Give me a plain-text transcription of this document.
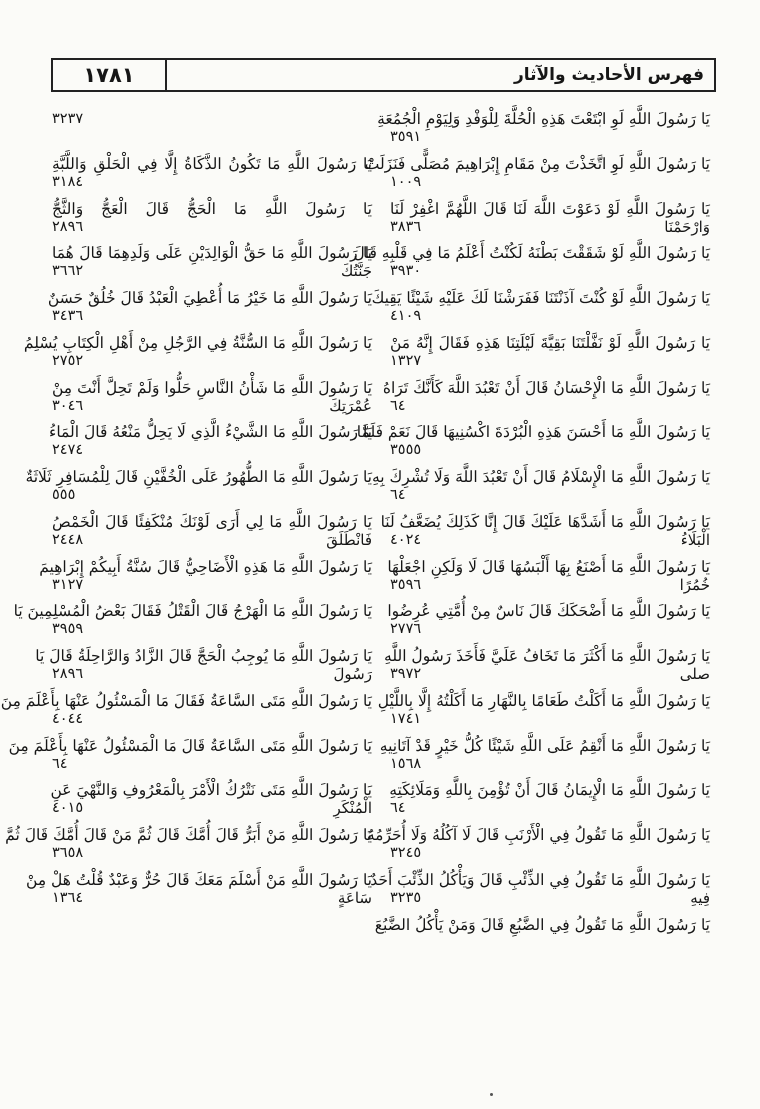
١٧٨١	فهرس الأحاديث والآثار
يَا رَسُولَ اللَّهِ لَوِ ابْتَعْتَ هَذِهِ الْحُلَّةَ لِلْوَفْدِ وَلِيَوْمِ الْجُمُعَةِ
٣٥٩١
يَا رَسُولَ اللَّهِ لَوِ اتَّخَذْتَ مِنْ مَقَامِ إِبْرَاهِيمَ مُصَلًّى فَنَزَلَتْ
١٠٠٩
يَا رَسُولَ اللَّهِ لَوْ دَعَوْتَ اللَّهَ لَنَا قَالَ اللَّهُمَّ اغْفِرْ لَنَا
وَارْحَمْنَا
٣٨٣٦
يَا رَسُولَ اللَّهِ لَوْ شَقَقْتَ بَطْنَهُ لَكُنْتُ أَعْلَمُ مَا فِي قَلْبِهِ قَالَ
٣٩٣٠
يَا رَسُولَ اللَّهِ لَوْ كُنْتَ آذَنْتَنَا فَفَرَشْنَا لَكَ عَلَيْهِ شَيْئًا يَقِيكَ
٤١٠٩
يَا رَسُولَ اللَّهِ لَوْ نَفَّلْتَنَا بَقِيَّةَ لَيْلَتِنَا هَذِهِ فَقَالَ إِنَّهُ مَنْ
١٣٢٧
يَا رَسُولَ اللَّهِ مَا الْإِحْسَانُ قَالَ أَنْ تَعْبُدَ اللَّهَ كَأَنَّكَ تَرَاهُ
٦٤
يَا رَسُولَ اللَّهِ مَا أَحْسَنَ هَذِهِ الْبُرْدَةَ اكْسُنِيهَا قَالَ نَعَمْ فَلَمَّا
٣٥٥٥
يَا رَسُولَ اللَّهِ مَا الْإِسْلَامُ قَالَ أَنْ تَعْبُدَ اللَّهَ وَلَا تُشْرِكَ بِهِ
٦٤
يَا رَسُولَ اللَّهِ مَا أَشَدَّهَا عَلَيْكَ قَالَ إِنَّا كَذَلِكَ يُضَعَّفُ لَنَا
الْبَلَاءُ
٤٠٢٤
يَا رَسُولَ اللَّهِ مَا أَصْنَعُ بِهَا أَلْبَسُهَا قَالَ لَا وَلَكِنِ اجْعَلْهَا
خُمُرًا
٣٥٩٦
يَا رَسُولَ اللَّهِ مَا أَضْحَكَكَ قَالَ نَاسٌ مِنْ أُمَّتِي عُرِضُوا
٢٧٧٦
يَا رَسُولَ اللَّهِ مَا أَكْثَرَ مَا تَخَافُ عَلَيَّ فَأَخَذَ رَسُولُ اللَّهِ
صلى
٣٩٧٢
يَا رَسُولَ اللَّهِ مَا أَكَلْتُ طَعَامًا بِالنَّهَارِ مَا أَكَلْتُهُ إِلَّا بِاللَّيْلِ
١٧٤١
يَا رَسُولَ اللَّهِ مَا أَنْقِمُ عَلَى اللَّهِ شَيْئًا كُلُّ خَيْرٍ قَدْ آتَانِيهِ
١٥٦٨
يَا رَسُولَ اللَّهِ مَا الْإِيمَانُ قَالَ أَنْ تُؤْمِنَ بِاللَّهِ وَمَلَائِكَتِهِ
٦٤
يَا رَسُولَ اللَّهِ مَا تَقُولُ فِي الْأَرْنَبِ قَالَ لَا آكُلُهُ وَلَا أُحَرِّمُهُ
٣٢٤٥
يَا رَسُولَ اللَّهِ مَا تَقُولُ فِي الذِّئْبِ قَالَ وَيَأْكُلُ الذِّئْبَ أَحَدٌ
فِيهِ
٣٢٣٥
يَا رَسُولَ اللَّهِ مَا تَقُولُ فِي الضَّبُعِ قَالَ وَمَنْ يَأْكُلُ الضَّبُعَ
٣٢٣٧
يَا رَسُولَ اللَّهِ مَا تَكُونُ الذَّكَاةُ إِلَّا فِي الْحَلْقِ وَاللَّبَّةِ
٣١٨٤
يَا رَسُولَ اللَّهِ مَا الْحَجُّ قَالَ الْعَجُّ وَالثَّجُّ
٢٨٩٦
يَا رَسُولَ اللَّهِ مَا حَقُّ الْوَالِدَيْنِ عَلَى وَلَدِهِمَا قَالَ هُمَا
جَنَّتُكَ
٣٦٦٢
يَا رَسُولَ اللَّهِ مَا خَيْرُ مَا أُعْطِيَ الْعَبْدُ قَالَ خُلُقٌ حَسَنٌ
٣٤٣٦
يَا رَسُولَ اللَّهِ مَا السُّنَّةُ فِي الرَّجُلِ مِنْ أَهْلِ الْكِتَابِ يُسْلِمُ
٢٧٥٢
يَا رَسُولَ اللَّهِ مَا شَأْنُ النَّاسِ حَلُّوا وَلَمْ تَحِلَّ أَنْتَ مِنْ
عُمْرَتِكَ
٣٠٤٦
يَا رَسُولَ اللَّهِ مَا الشَّيْءُ الَّذِي لَا يَحِلُّ مَنْعُهُ قَالَ الْمَاءُ
٢٤٧٤
يَا رَسُولَ اللَّهِ مَا الطُّهُورُ عَلَى الْخُفَّيْنِ قَالَ لِلْمُسَافِرِ ثَلَاثَةٌ
٥٥٥
يَا رَسُولَ اللَّهِ مَا لِي أَرَى لَوْنَكَ مُنْكَفِئًا قَالَ الْخَمْصُ
فَانْطَلَقَ
٢٤٤٨
يَا رَسُولَ اللَّهِ مَا هَذِهِ الْأَضَاحِيُّ قَالَ سُنَّةُ أَبِيكُمْ إِبْرَاهِيمَ
٣١٢٧
يَا رَسُولَ اللَّهِ مَا الْهَرْجُ قَالَ الْقَتْلُ فَقَالَ بَعْضُ الْمُسْلِمِينَ يَا
٣٩٥٩
يَا رَسُولَ اللَّهِ مَا يُوجِبُ الْحَجَّ قَالَ الزَّادُ وَالرَّاحِلَةُ قَالَ يَا
رَسُولَ
٢٨٩٦
يَا رَسُولَ اللَّهِ مَتَى السَّاعَةُ فَقَالَ مَا الْمَسْئُولُ عَنْهَا بِأَعْلَمَ مِنَ
٤٠٤٤
يَا رَسُولَ اللَّهِ مَتَى السَّاعَةُ قَالَ مَا الْمَسْئُولُ عَنْهَا بِأَعْلَمَ مِنَ
٦٤
يَا رَسُولَ اللَّهِ مَتَى نَتْرُكُ الْأَمْرَ بِالْمَعْرُوفِ وَالنَّهْيَ عَنِ
الْمُنْكَرِ
٤٠١٥
يَا رَسُولَ اللَّهِ مَنْ أَبَرُّ قَالَ أُمَّكَ قَالَ ثُمَّ مَنْ قَالَ أُمَّكَ قَالَ ثُمَّ
٣٦٥٨
يَا رَسُولَ اللَّهِ مَنْ أَسْلَمَ مَعَكَ قَالَ حُرٌّ وَعَبْدٌ قُلْتُ هَلْ مِنْ
سَاعَةٍ
١٣٦٤
